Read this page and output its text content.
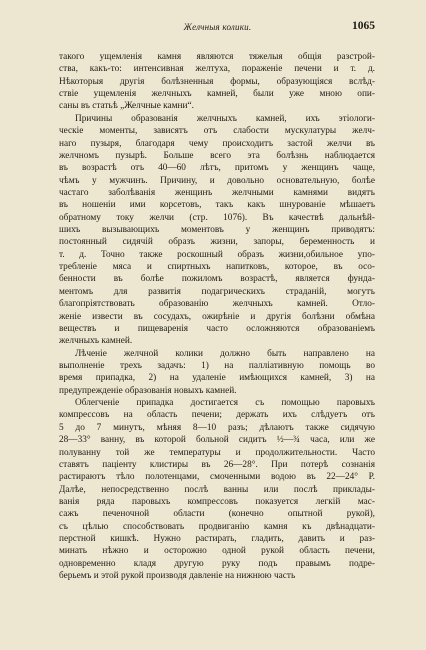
Желчныя колики.	1065
такого ущемленія камня являются тяжелыя общія разстрой-
ства, какъ-то: интенсивная желтуха, пораженіе печени и т. д.
Нѣкоторыя другія болѣзненныя формы, образующіяся вслѣд-
ствіе ущемленія желчныхъ камней, были уже мною опи-
саны въ статьѣ „Желчные камни“.
Причины образованія желчныхъ камней, ихъ этіологи-
ческіе моменты, зависятъ отъ слабости мускулатуры желч-
наго пузыря, благодаря чему происходитъ застой желчи въ
желчномъ пузырѣ. Больше всего эта болѣзнь наблюдается
въ возрастѣ отъ 40—60 лѣтъ, притомъ у женщинъ чаще,
чѣмъ у мужчинъ. Причину, и довольно основательную, болѣе
частаго заболѣванія женщинъ желчными камнями видятъ
въ ношеніи ими корсетовъ, такъ какъ шнурованіе мѣшаетъ
обратному току желчи (стр. 1076). Въ качествѣ дальнѣй-
шихъ вызывающихъ моментовъ у женщинъ приводятъ:
постоянный сидячій образъ жизни, запоры, беременность и
т. д. Точно также роскошный образъ жизни,обильное упо-
требленіе мяса и спиртныхъ напитковъ, которое, въ осо-
бенности въ болѣе пожиломъ возрастѣ, является фунда-
ментомъ для развитія подагрическихъ страданій, могутъ
благопріятствовать образованію желчныхъ камней. Отло-
женіе извести въ сосудахъ, ожирѣніе и другія болѣзни обмѣна
веществъ и пищеваренія часто осложняются образованіемъ
желчныхъ камней.
Лѣченіе желчной колики должно быть направлено на
выполненіе трехъ задачъ: 1) на палліативную помощь во
время припадка, 2) на удаленіе имѣющихся камней, 3) на
предупрежденіе образованія новыхъ камней.
Облегченіе припадка достигается съ помощью паровыхъ
компрессовъ на область печени; держать ихъ слѣдуетъ отъ
5 до 7 минутъ, мѣняя 8—10 разъ; дѣлаютъ также сидячую
28—33° ванну, въ которой больной сидитъ ½—¾ часа, или же
полуванну той же температуры и продолжительности. Часто
ставятъ паціенту клистиры въ 26—28°. При потерѣ сознанія
растираютъ тѣло полотенцами, смоченными водою въ 22—24° Р.
Далѣе, непосредственно послѣ ванны или послѣ приклады-
ванія ряда паровыхъ компрессовъ показуется легкій мас-
сажъ печеночной области (конечно опытной рукой),
съ цѣлью способствовать продвиганію камня къ двѣнадцати-
перстной кишкѣ. Нужно растирать, гладить, давить и раз-
минать нѣжно и осторожно одной рукой область печени,
одновременно кладя другую руку подъ правымъ подре-
берьемъ и этой рукой производя давленіе на нижнюю часть
